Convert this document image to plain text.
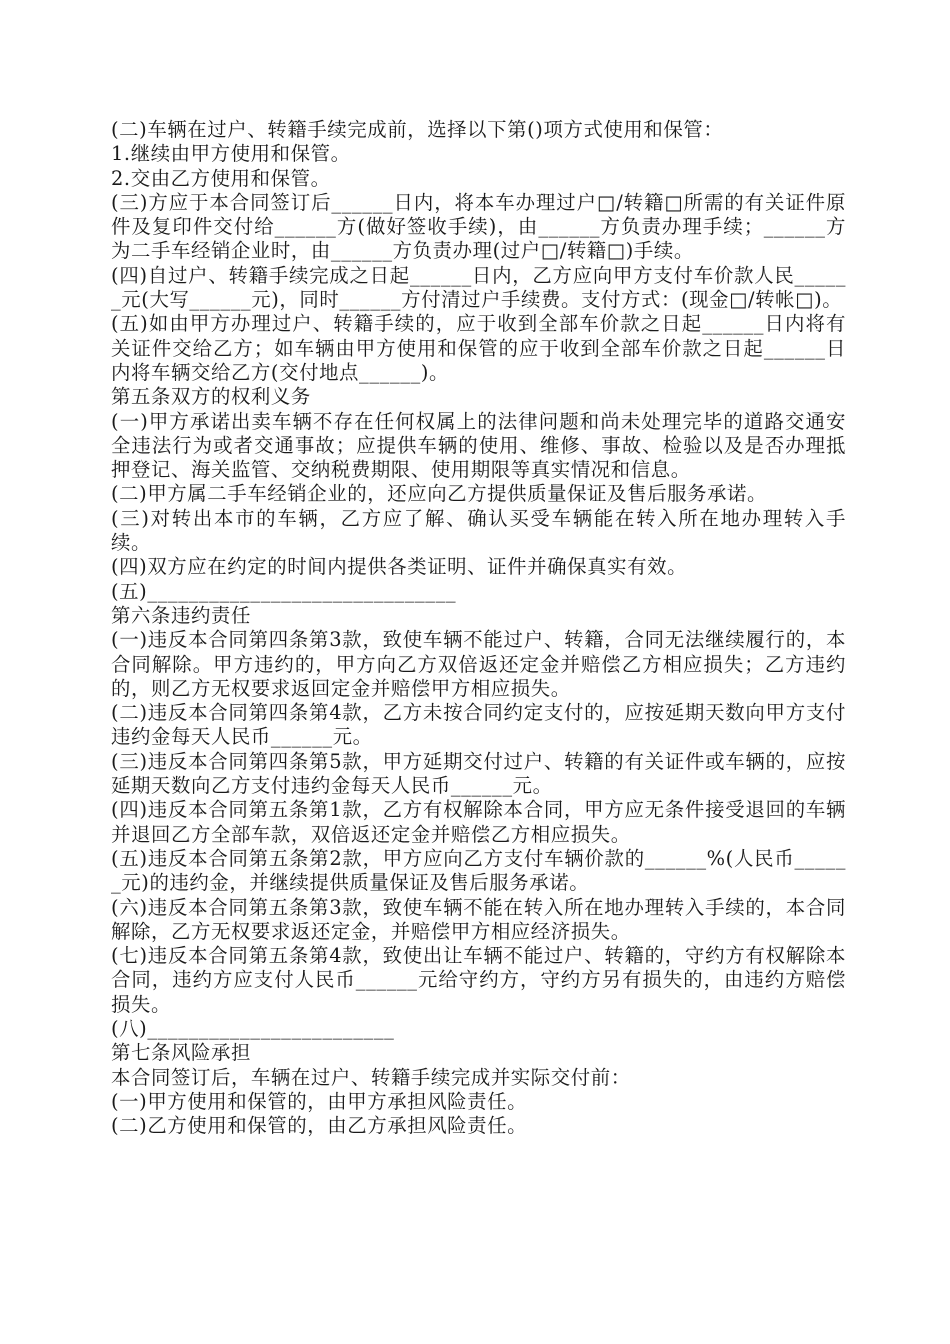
(二)车辆在过户、转籍手续完成前，选择以下第()项方式使用和保管：

1.继续由甲方使用和保管。

2.交由乙方使用和保管。

(三)方应于本合同签订后______日内，将本车办理过户□/转籍□所需的有关证件原件及复印件交付给______方(做好签收手续)，由______方负责办理手续；______方为二手车经销企业时，由______方负责办理(过户□/转籍□)手续。

(四)自过户、转籍手续完成之日起______日内，乙方应向甲方支付车价款人民______元(大写______元)，同时______方付清过户手续费。支付方式：(现金□/转帐□)。

(五)如由甲方办理过户、转籍手续的，应于收到全部车价款之日起______日内将有关证件交给乙方；如车辆由甲方使用和保管的应于收到全部车价款之日起______日内将车辆交给乙方(交付地点______)。

第五条双方的权利义务

(一)甲方承诺出卖车辆不存在任何权属上的法律问题和尚未处理完毕的道路交通安全违法行为或者交通事故；应提供车辆的使用、维修、事故、检验以及是否办理抵押登记、海关监管、交纳税费期限、使用期限等真实情况和信息。

(二)甲方属二手车经销企业的，还应向乙方提供质量保证及售后服务承诺。

(三)对转出本市的车辆，乙方应了解、确认买受车辆能在转入所在地办理转入手续。

(四)双方应在约定的时间内提供各类证明、证件并确保真实有效。

(五)______________________________

第六条违约责任

(一)违反本合同第四条第3款，致使车辆不能过户、转籍，合同无法继续履行的，本合同解除。甲方违约的，甲方向乙方双倍返还定金并赔偿乙方相应损失；乙方违约的，则乙方无权要求返回定金并赔偿甲方相应损失。

(二)违反本合同第四条第4款，乙方未按合同约定支付的，应按延期天数向甲方支付违约金每天人民币______元。

(三)违反本合同第四条第5款，甲方延期交付过户、转籍的有关证件或车辆的，应按延期天数向乙方支付违约金每天人民币______元。

(四)违反本合同第五条第1款，乙方有权解除本合同，甲方应无条件接受退回的车辆并退回乙方全部车款，双倍返还定金并赔偿乙方相应损失。

(五)违反本合同第五条第2款，甲方应向乙方支付车辆价款的______%(人民币______元)的违约金，并继续提供质量保证及售后服务承诺。

(六)违反本合同第五条第3款，致使车辆不能在转入所在地办理转入手续的，本合同解除，乙方无权要求返还定金，并赔偿甲方相应经济损失。

(七)违反本合同第五条第4款，致使出让车辆不能过户、转籍的，守约方有权解除本合同，违约方应支付人民币______元给守约方，守约方另有损失的，由违约方赔偿损失。

(八)________________________

第七条风险承担

本合同签订后，车辆在过户、转籍手续完成并实际交付前：

(一)甲方使用和保管的，由甲方承担风险责任。

(二)乙方使用和保管的，由乙方承担风险责任。
